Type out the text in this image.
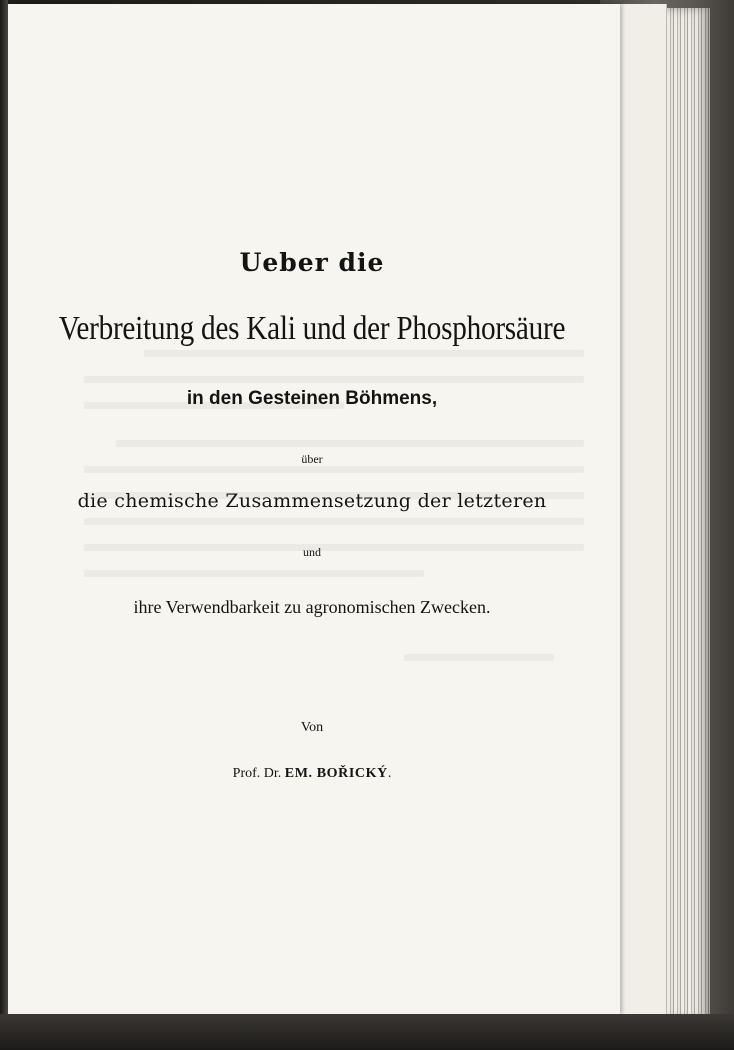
Ueber die
Verbreitung des Kali und der Phosphorsäure
in den Gesteinen Böhmens,
über
die chemische Zusammensetzung der letzteren
und
ihre Verwendbarkeit zu agronomischen Zwecken.
Von
Prof. Dr. EM. BOŘICKÝ.
